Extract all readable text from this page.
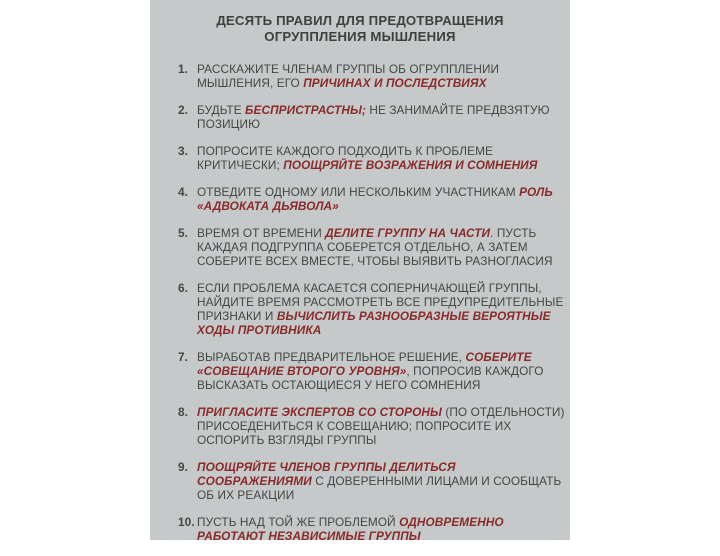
ДЕСЯТЬ ПРАВИЛ ДЛЯ ПРЕДОТВРАЩЕНИЯ
ОГРУППЛЕНИЯ МЫШЛЕНИЯ
1. РАССКАЖИТЕ ЧЛЕНАМ ГРУППЫ ОБ ОГРУППЛЕНИИ МЫШЛЕНИЯ, ЕГО ПРИЧИНАХ И ПОСЛЕДСТВИЯХ
2. БУДЬТЕ БЕСПРИСТРАСТНЫ; НЕ ЗАНИМАЙТЕ ПРЕДВЗЯТУЮ ПОЗИЦИЮ
3. ПОПРОСИТЕ КАЖДОГО ПОДХОДИТЬ К ПРОБЛЕМЕ КРИТИЧЕСКИ; ПООЩРЯЙТЕ ВОЗРАЖЕНИЯ И СОМНЕНИЯ
4. ОТВЕДИТЕ ОДНОМУ ИЛИ НЕСКОЛЬКИМ УЧАСТНИКАМ РОЛЬ «АДВОКАТА ДЬЯВОЛА»
5. ВРЕМЯ ОТ ВРЕМЕНИ ДЕЛИТЕ ГРУППУ НА ЧАСТИ. ПУСТЬ КАЖДАЯ ПОДГРУППА СОБЕРЕТСЯ ОТДЕЛЬНО, А ЗАТЕМ СОБЕРИТЕ ВСЕХ ВМЕСТЕ, ЧТОБЫ ВЫЯВИТЬ РАЗНОГЛАСИЯ
6. ЕСЛИ ПРОБЛЕМА КАСАЕТСЯ СОПЕРНИЧАЮЩЕЙ ГРУППЫ, НАЙДИТЕ ВРЕМЯ РАССМОТРЕТЬ ВСЕ ПРЕДУПРЕДИТЕЛЬНЫЕ ПРИЗНАКИ И ВЫЧИСЛИТЬ РАЗНООБРАЗНЫЕ ВЕРОЯТНЫЕ ХОДЫ ПРОТИВНИКА
7. ВЫРАБОТАВ ПРЕДВАРИТЕЛЬНОЕ РЕШЕНИЕ, СОБЕРИТЕ «СОВЕЩАНИЕ ВТОРОГО УРОВНЯ», ПОПРОСИВ КАЖДОГО ВЫСКАЗАТЬ ОСТАЮЩИЕСЯ У НЕГО СОМНЕНИЯ
8. ПРИГЛАСИТЕ ЭКСПЕРТОВ СО СТОРОНЫ (ПО ОТДЕЛЬНОСТИ) ПРИСОЕДЕНИТЬСЯ К СОВЕЩАНИЮ; ПОПРОСИТЕ ИХ ОСПОРИТЬ ВЗГЛЯДЫ ГРУППЫ
9. ПООЩРЯЙТЕ ЧЛЕНОВ ГРУППЫ ДЕЛИТЬСЯ СООБРАЖЕНИЯМИ С ДОВЕРЕННЫМИ ЛИЦАМИ И СООБЩАТЬ ОБ ИХ РЕАКЦИИ
10. ПУСТЬ НАД ТОЙ ЖЕ ПРОБЛЕМОЙ ОДНОВРЕМЕННО РАБОТАЮТ НЕЗАВИСИМЫЕ ГРУППЫ
